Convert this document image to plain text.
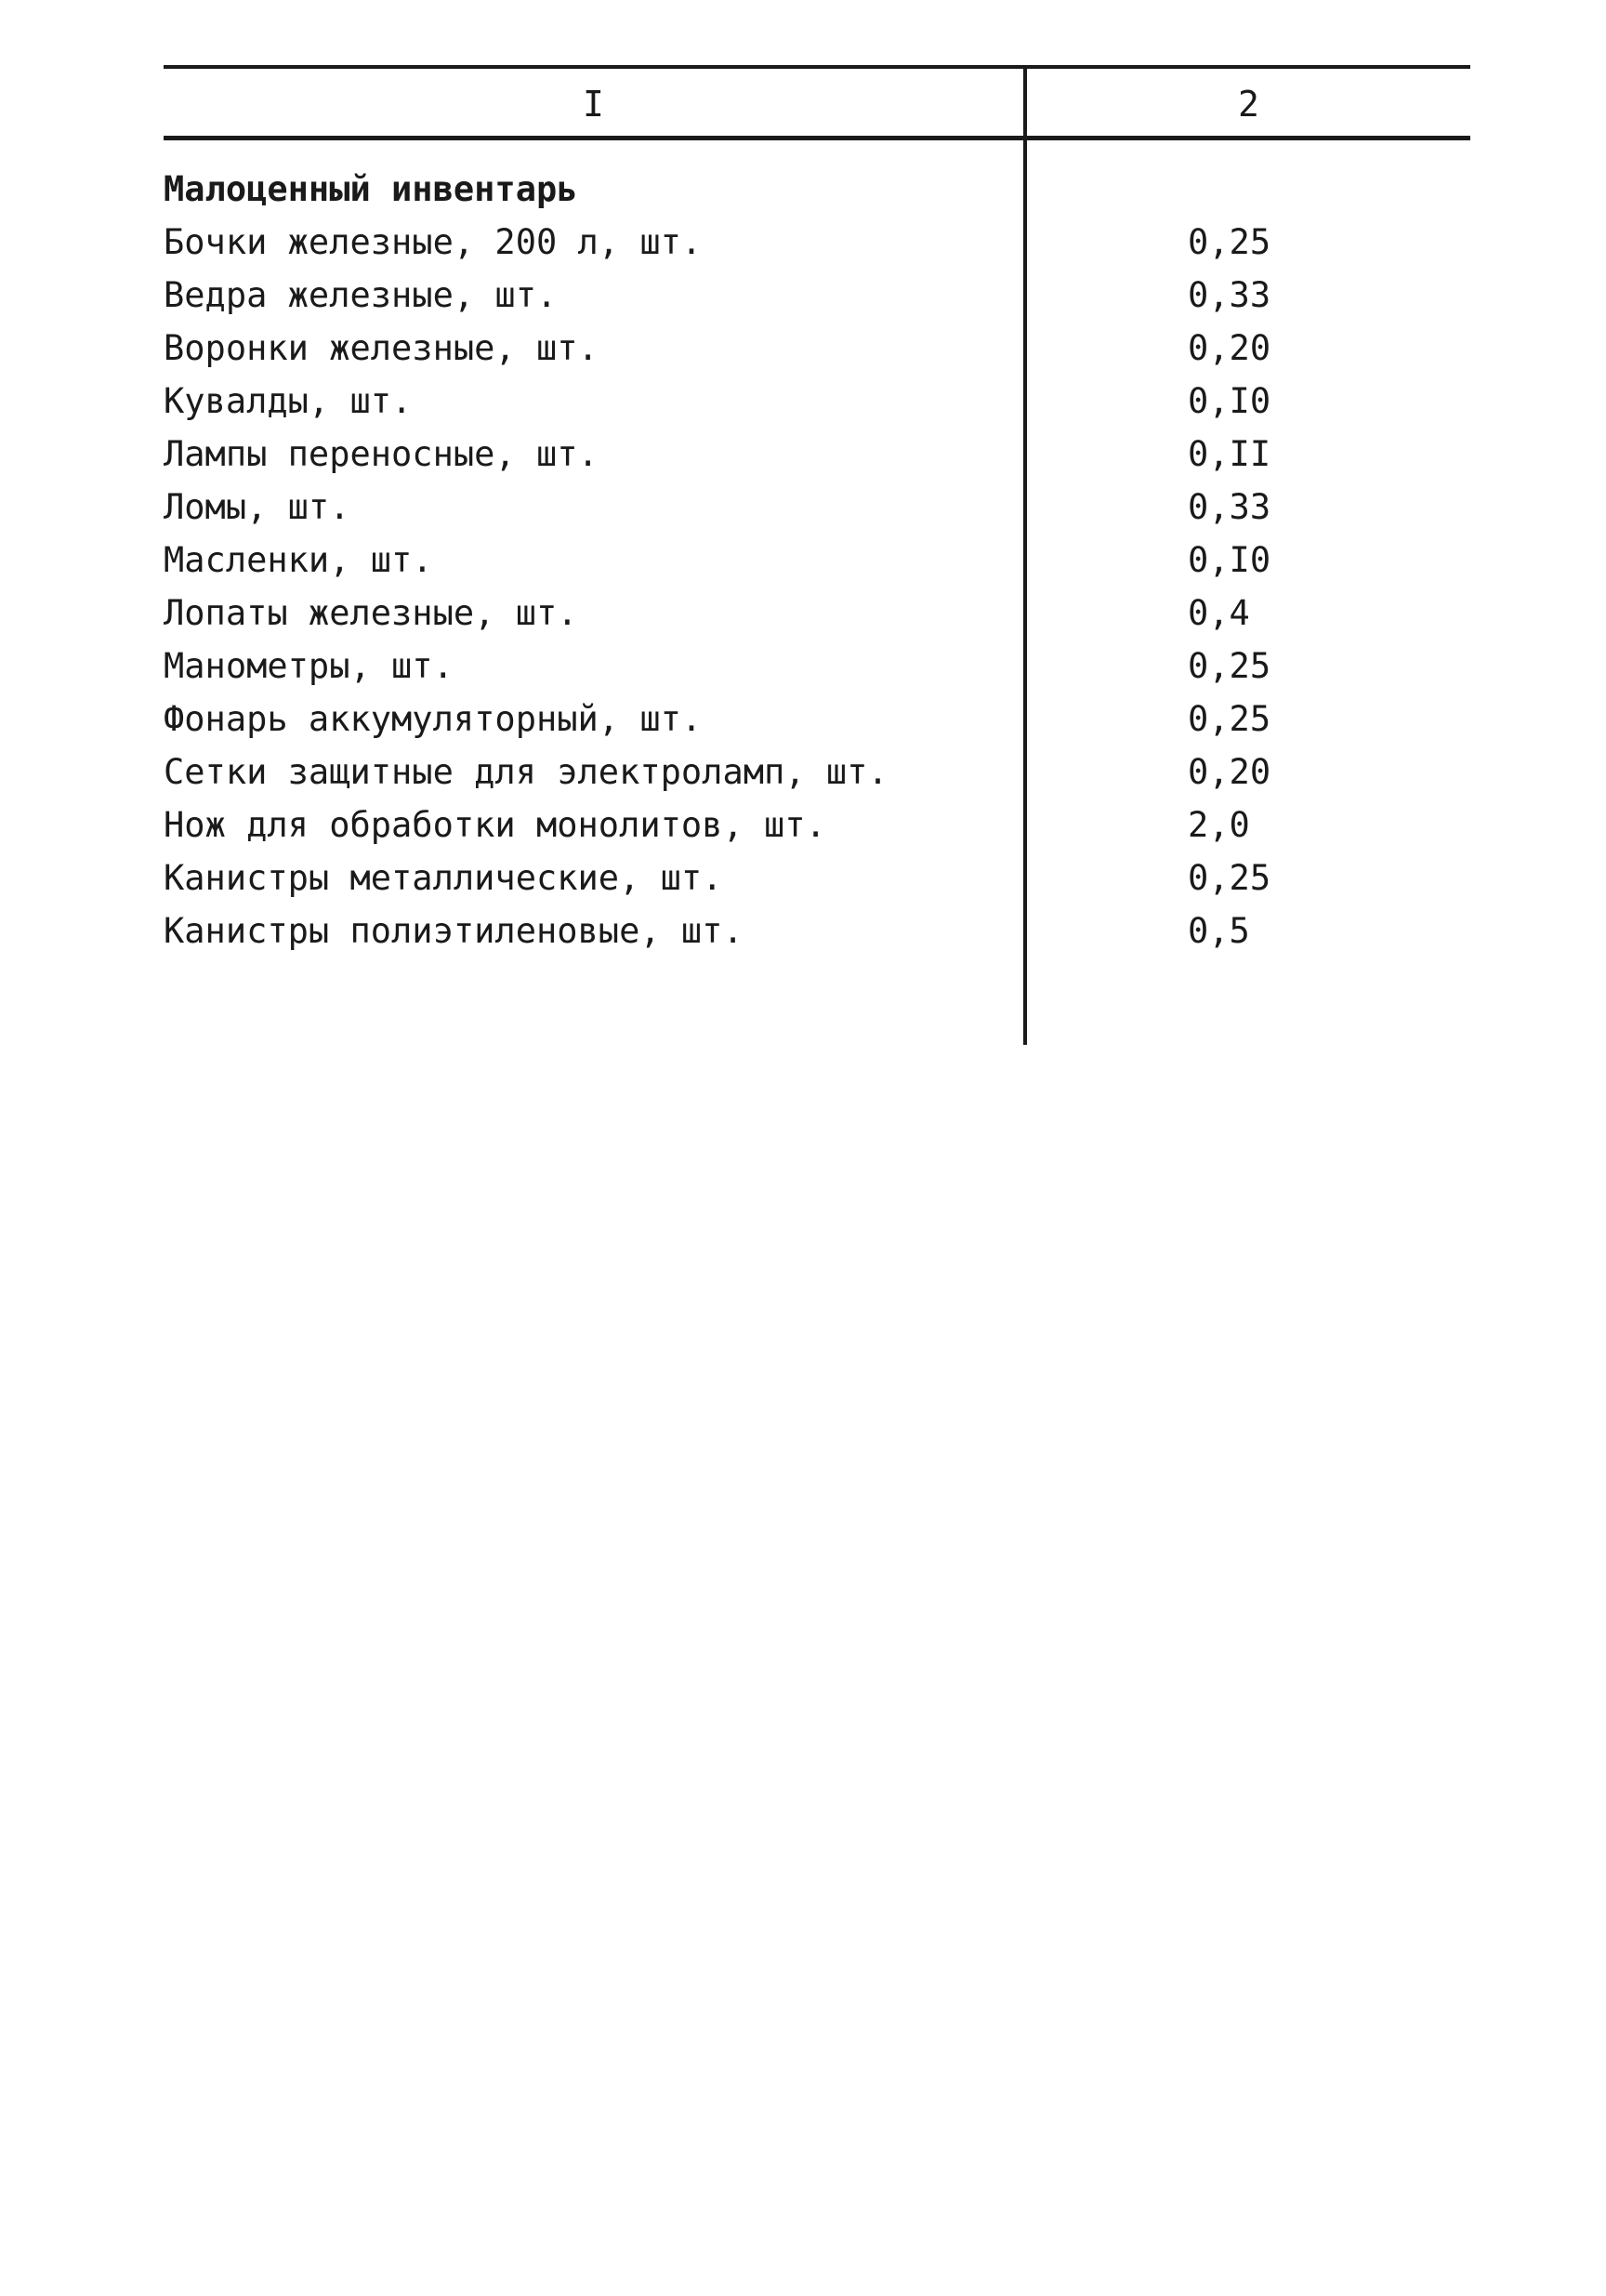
I	2
Малоценный инвентарь
Бочки железные, 200 л, шт.	0,25
Ведра железные, шт.	0,33
Воронки железные, шт.	0,20
Кувалды, шт.	0,I0
Лампы переносные, шт.	0,II
Ломы, шт.	0,33
Масленки, шт.	0,I0
Лопаты железные, шт.	0,4
Манометры, шт.	0,25
Фонарь аккумуляторный, шт.	0,25
Сетки защитные для электроламп, шт.	0,20
Нож для обработки монолитов, шт.	2,0
Канистры металлические, шт.	0,25
Канистры полиэтиленовые, шт.	0,5
